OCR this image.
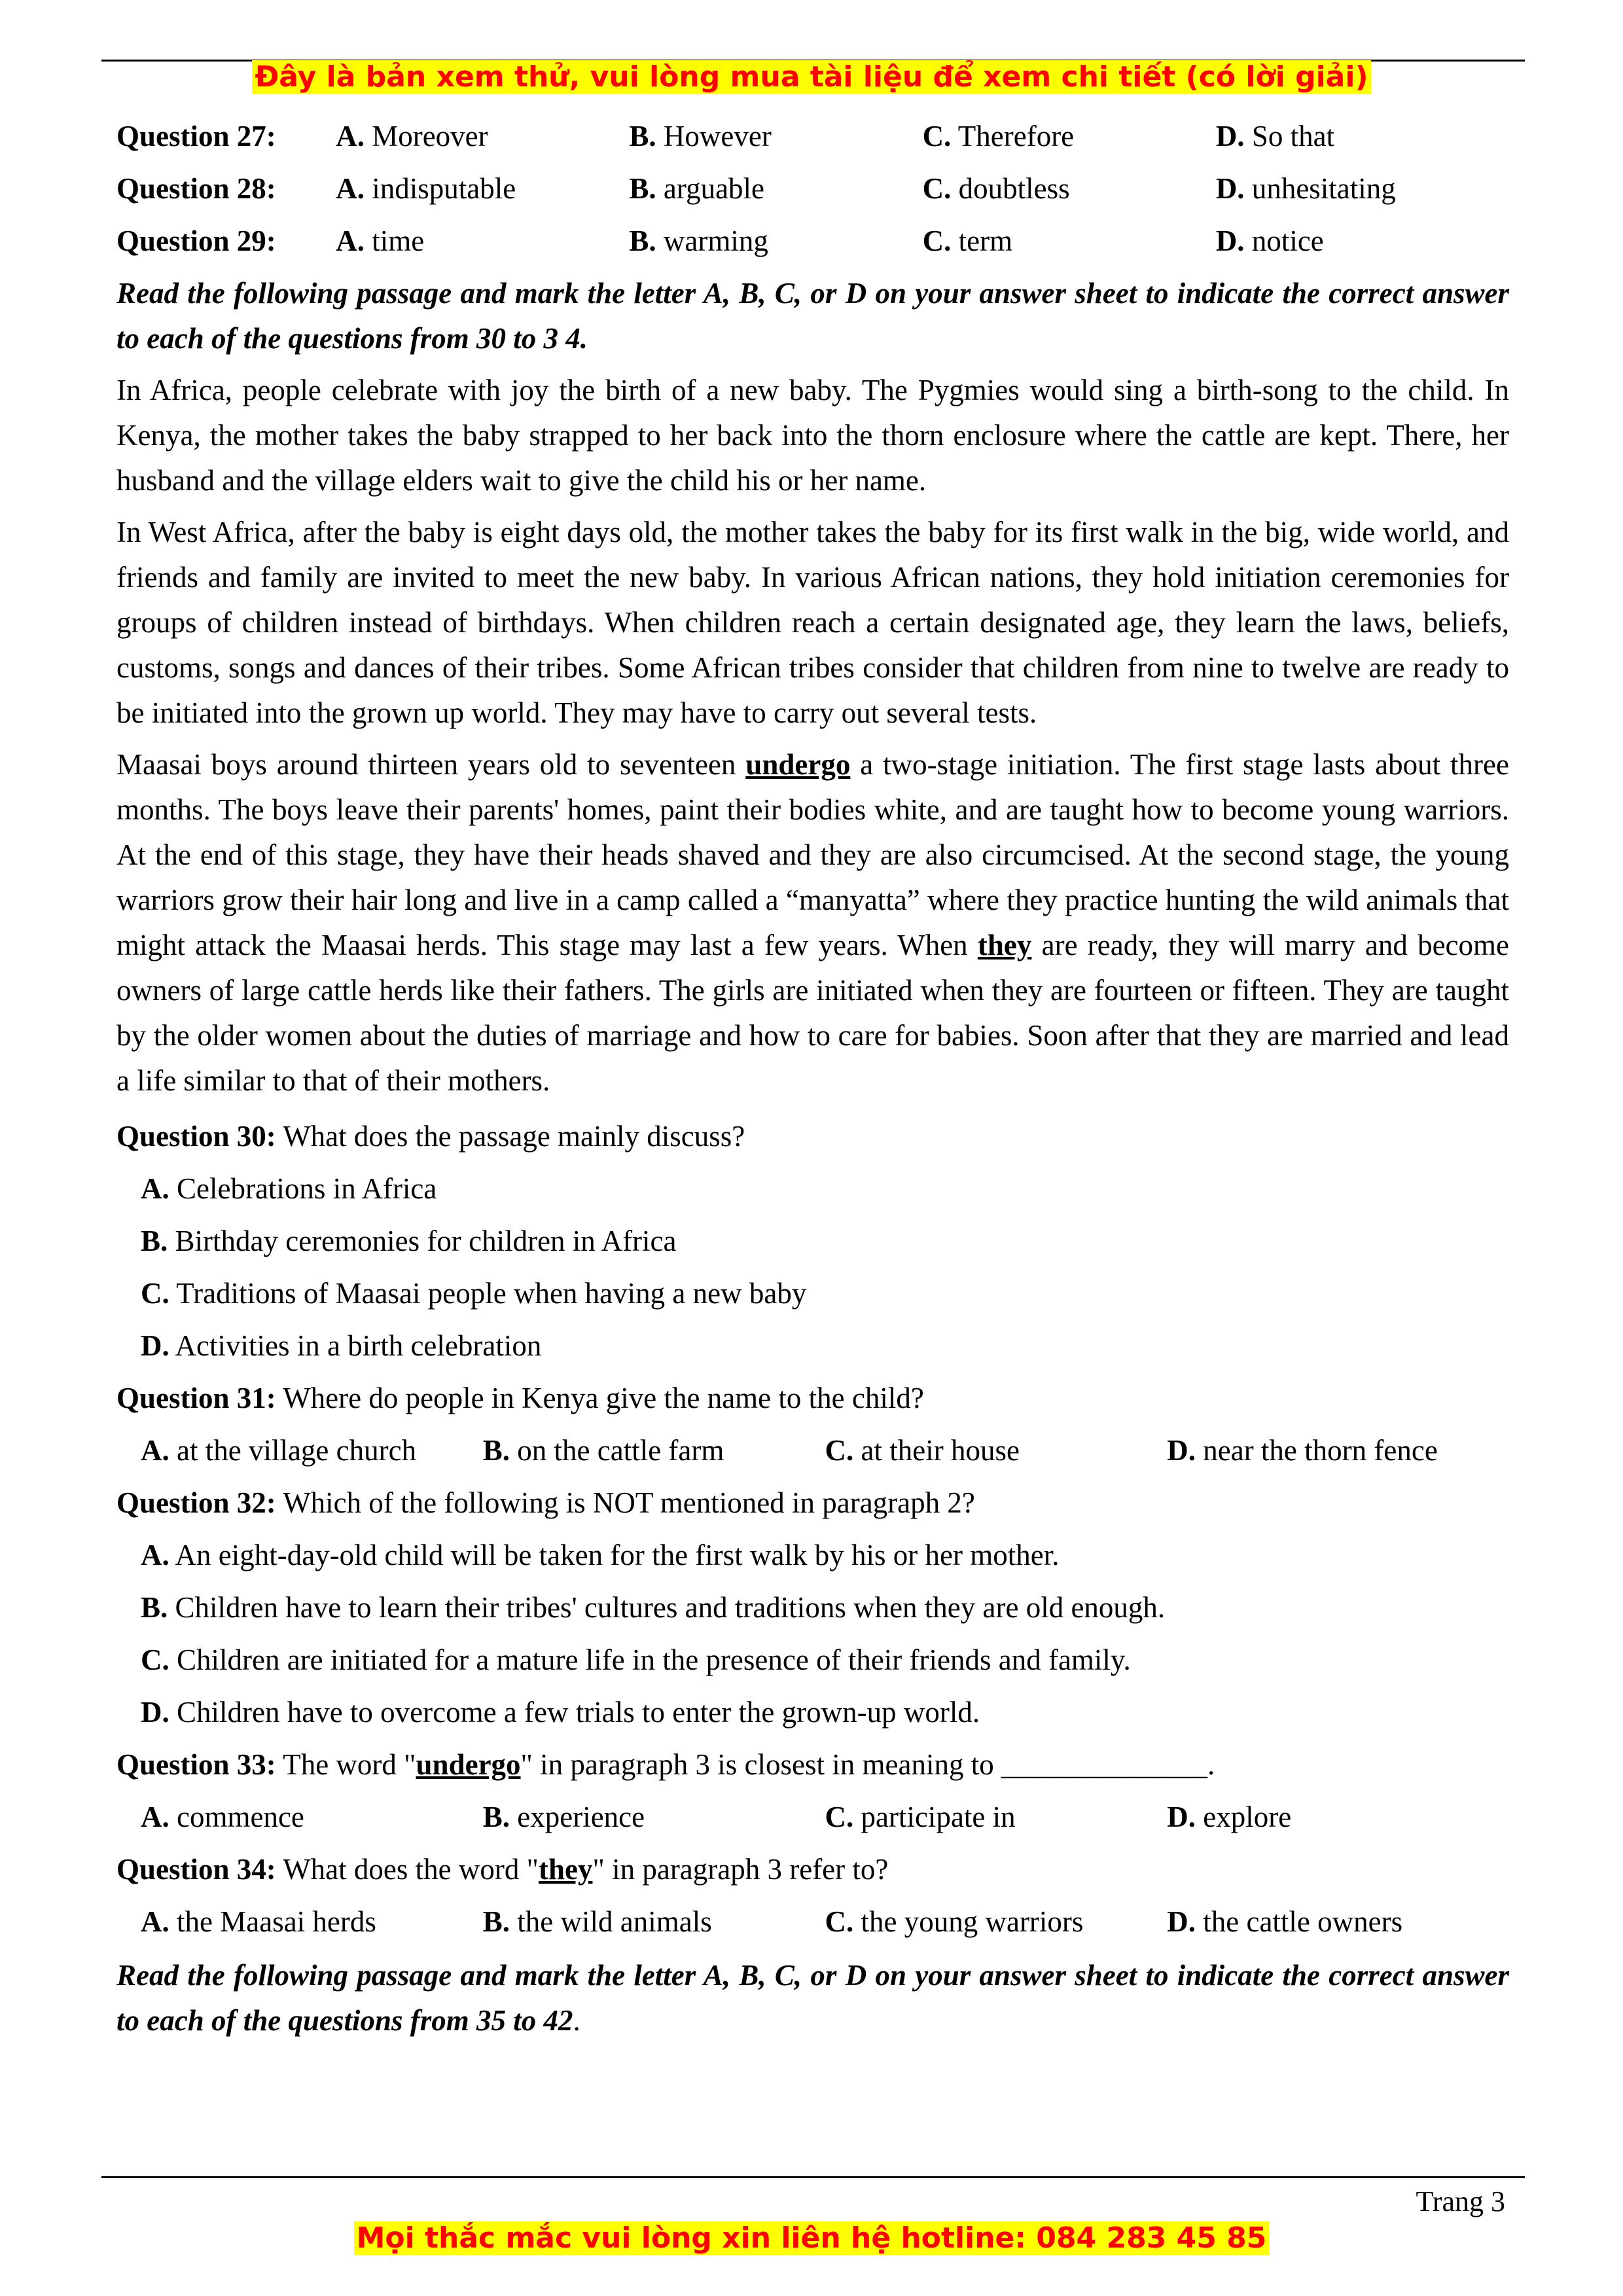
Đây là bản xem thử, vui lòng mua tài liệu để xem chi tiết (có lời giải)
Question 27:	A. Moreover	B. However	C. Therefore	D. So that
Question 28:	A. indisputable	B. arguable	C. doubtless	D. unhesitating
Question 29:	A. time	B. warming	C. term	D. notice
Read the following passage and mark the letter A, B, C, or D on your answer sheet to indicate the correct answer to each of the questions from 30 to 3 4.
In Africa, people celebrate with joy the birth of a new baby. The Pygmies would sing a birth-song to the child. In Kenya, the mother takes the baby strapped to her back into the thorn enclosure where the cattle are kept. There, her husband and the village elders wait to give the child his or her name.
In West Africa, after the baby is eight days old, the mother takes the baby for its first walk in the big, wide world, and friends and family are invited to meet the new baby. In various African nations, they hold initiation ceremonies for groups of children instead of birthdays. When children reach a certain designated age, they learn the laws, beliefs, customs, songs and dances of their tribes. Some African tribes consider that children from nine to twelve are ready to be initiated into the grown up world. They may have to carry out several tests.
Maasai boys around thirteen years old to seventeen undergo a two-stage initiation. The first stage lasts about three months. The boys leave their parents' homes, paint their bodies white, and are taught how to become young warriors. At the end of this stage, they have their heads shaved and they are also circumcised. At the second stage, the young warriors grow their hair long and live in a camp called a “manyatta” where they practice hunting the wild animals that might attack the Maasai herds. This stage may last a few years. When they are ready, they will marry and become owners of large cattle herds like their fathers. The girls are initiated when they are fourteen or fifteen. They are taught by the older women about the duties of marriage and how to care for babies. Soon after that they are married and lead a life similar to that of their mothers.
Question 30: What does the passage mainly discuss?
A. Celebrations in Africa
B. Birthday ceremonies for children in Africa
C. Traditions of Maasai people when having a new baby
D. Activities in a birth celebration
Question 31: Where do people in Kenya give the name to the child?
A. at the village church	B. on the cattle farm	C. at their house	D. near the thorn fence
Question 32: Which of the following is NOT mentioned in paragraph 2?
A. An eight-day-old child will be taken for the first walk by his or her mother.
B. Children have to learn their tribes' cultures and traditions when they are old enough.
C. Children are initiated for a mature life in the presence of their friends and family.
D. Children have to overcome a few trials to enter the grown-up world.
Question 33: The word "undergo" in paragraph 3 is closest in meaning to ______________.
A. commence	B. experience	C. participate in	D. explore
Question 34: What does the word "they" in paragraph 3 refer to?
A. the Maasai herds	B. the wild animals	C. the young warriors	D. the cattle owners
Read the following passage and mark the letter A, B, C, or D on your answer sheet to indicate the correct answer to each of the questions from 35 to 42.
Trang 3
Mọi thắc mắc vui lòng xin liên hệ hotline: 084 283 45 85
